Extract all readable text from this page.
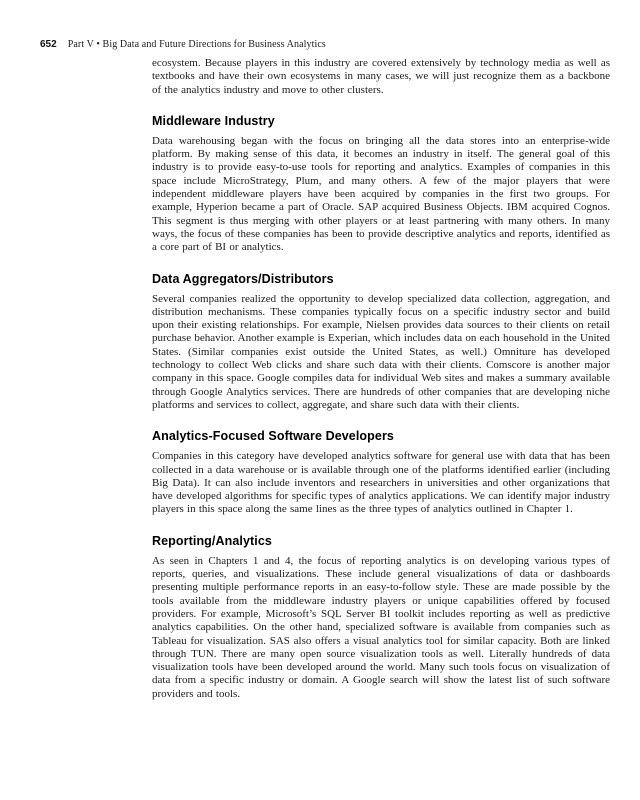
652 Part V • Big Data and Future Directions for Business Analytics

ecosystem. Because players in this industry are covered extensively by technology media as well as textbooks and have their own ecosystems in many cases, we will just recognize them as a backbone of the analytics industry and move to other clusters.

Middleware Industry

Data warehousing began with the focus on bringing all the data stores into an enterprise-wide platform. By making sense of this data, it becomes an industry in itself. The general goal of this industry is to provide easy-to-use tools for reporting and analytics. Examples of companies in this space include MicroStrategy, Plum, and many others. A few of the major players that were independent middleware players have been acquired by companies in the first two groups. For example, Hyperion became a part of Oracle. SAP acquired Business Objects. IBM acquired Cognos. This segment is thus merging with other players or at least partnering with many others. In many ways, the focus of these companies has been to provide descriptive analytics and reports, identified as a core part of BI or analytics.

Data Aggregators/Distributors

Several companies realized the opportunity to develop specialized data collection, aggregation, and distribution mechanisms. These companies typically focus on a specific industry sector and build upon their existing relationships. For example, Nielsen provides data sources to their clients on retail purchase behavior. Another example is Experian, which includes data on each household in the United States. (Similar companies exist outside the United States, as well.) Omniture has developed technology to collect Web clicks and share such data with their clients. Comscore is another major company in this space. Google compiles data for individual Web sites and makes a summary available through Google Analytics services. There are hundreds of other companies that are developing niche platforms and services to collect, aggregate, and share such data with their clients.

Analytics-Focused Software Developers

Companies in this category have developed analytics software for general use with data that has been collected in a data warehouse or is available through one of the platforms identified earlier (including Big Data). It can also include inventors and researchers in universities and other organizations that have developed algorithms for specific types of analytics applications. We can identify major industry players in this space along the same lines as the three types of analytics outlined in Chapter 1.

Reporting/Analytics

As seen in Chapters 1 and 4, the focus of reporting analytics is on developing various types of reports, queries, and visualizations. These include general visualizations of data or dashboards presenting multiple performance reports in an easy-to-follow style. These are made possible by the tools available from the middleware industry players or unique capabilities offered by focused providers. For example, Microsoft’s SQL Server BI toolkit includes reporting as well as predictive analytics capabilities. On the other hand, specialized software is available from companies such as Tableau for visualization. SAS also offers a visual analytics tool for similar capacity. Both are linked through TUN. There are many open source visualization tools as well. Literally hundreds of data visualization tools have been developed around the world. Many such tools focus on visualization of data from a specific industry or domain. A Google search will show the latest list of such software providers and tools.
